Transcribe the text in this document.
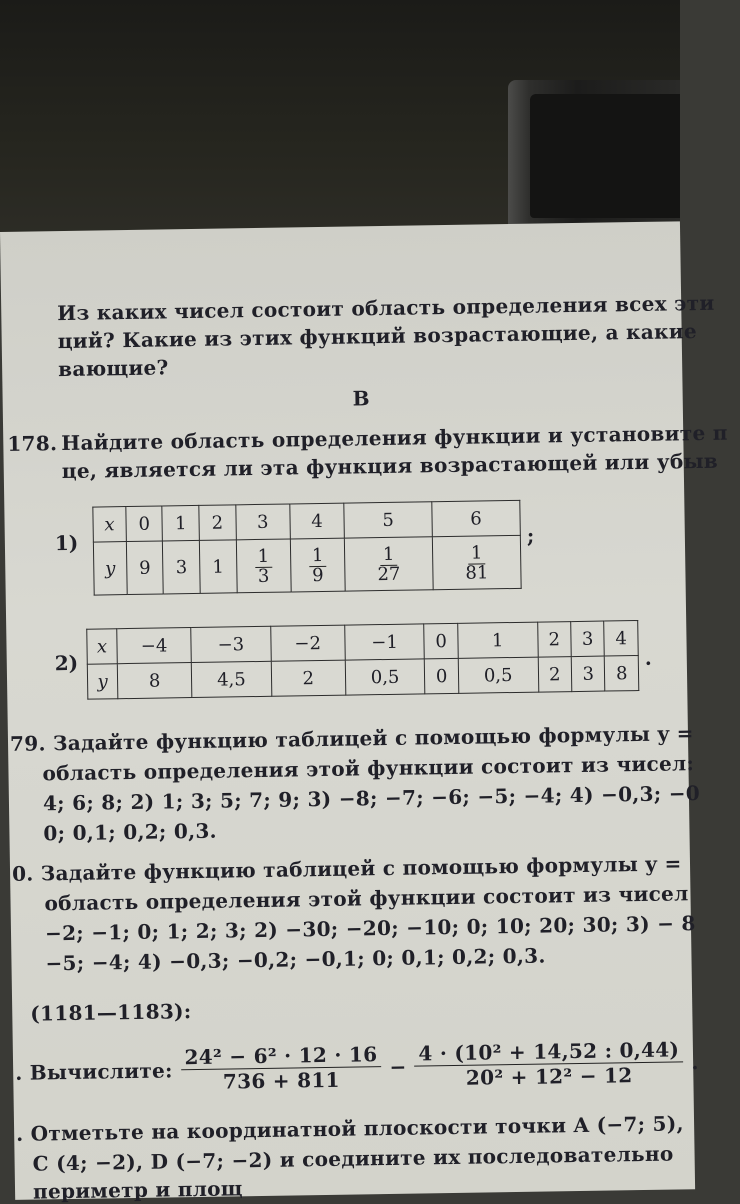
Из каких чисел состоит область определения всех эти
ций? Какие из этих функций возрастающие, а какие
вающие?
В
178. Найдите область определения функции и установите п
це, является ли эта функция возрастающей или убыв
1)
x	0	1	2	3	4	5	6
y	9	3	1	$\frac{1}{3}$	$\frac{1}{9}$	$\frac{1}{27}$	$\frac{1}{81}$
;
2)
x	−4	−3	−2	−1	0	1	2	3	4
y	8	4,5	2	0,5	0	0,5	2	3	8
.
79. Задайте функцию таблицей с помощью формулы y =
область определения этой функции состоит из чисел:
4; 6; 8; 2) 1; 3; 5; 7; 9; 3) −8; −7; −6; −5; −4; 4) −0,3; −0
0; 0,1; 0,2; 0,3.
0. Задайте функцию таблицей с помощью формулы y =
область определения этой функции состоит из чисел
−2; −1; 0; 1; 2; 3; 2) −30; −20; −10; 0; 10; 20; 30; 3) − 8
−5; −4; 4) −0,3; −0,2; −0,1; 0; 0,1; 0,2; 0,3.
(1181—1183):
. Вычислите: $\frac{\text{24² − 6² · 12 · 16}}{736 + 811} - \frac{\text{4 · (10² + 14,52 : 0,44)}}{\text{20² + 12² − 12}}$ .
. Отметьте на координатной плоскости точки A (−7; 5),
C (4; −2), D (−7; −2) и соедините их последовательно
периметр и площ
